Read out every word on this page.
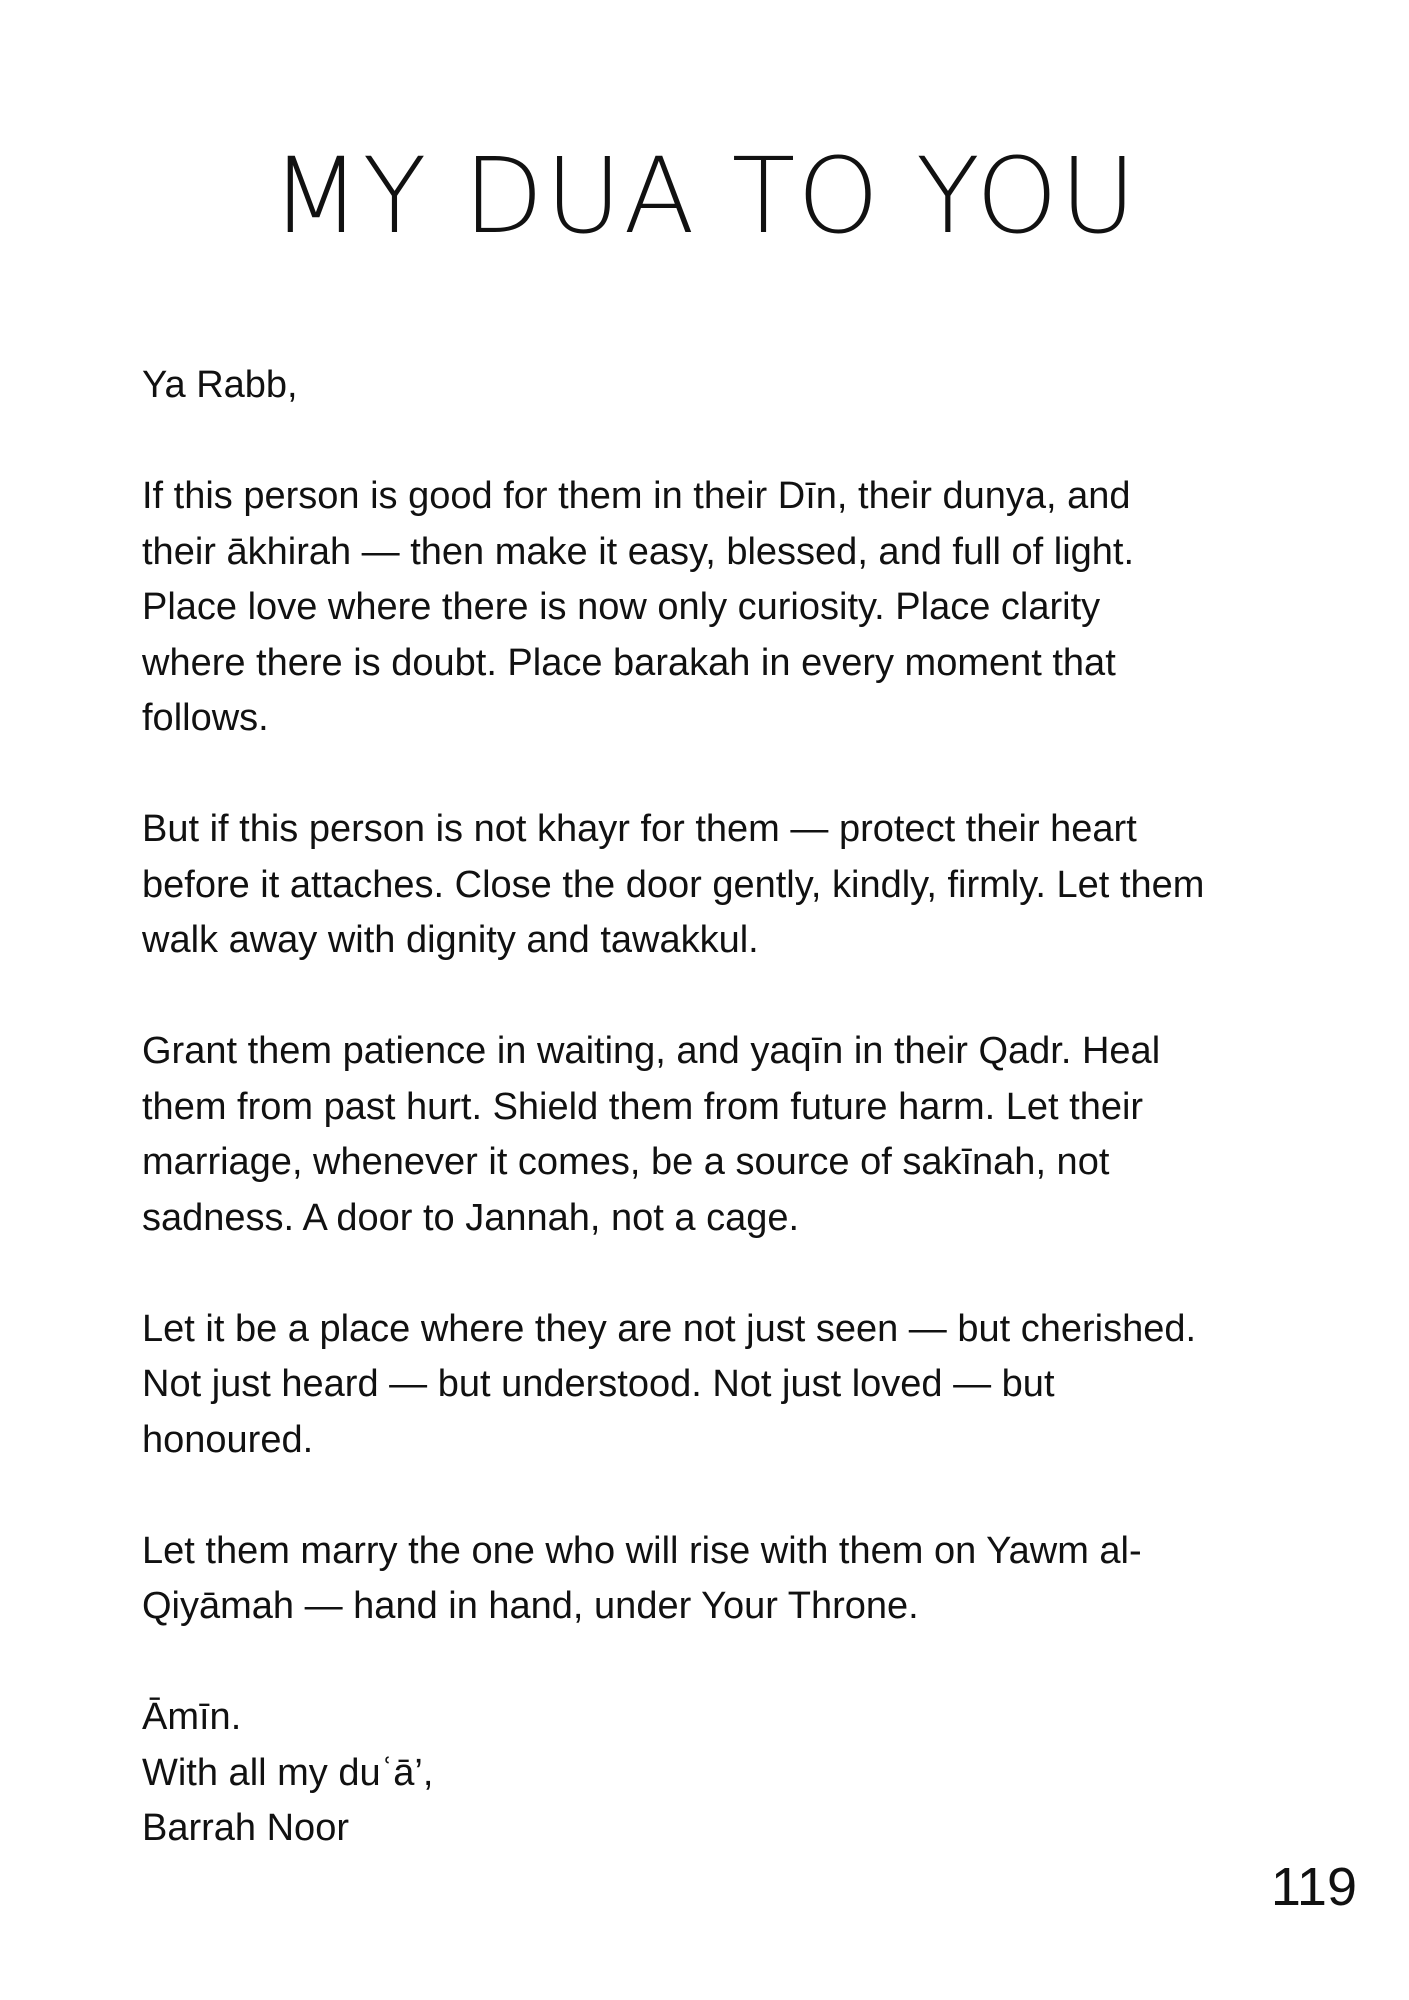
MY DUA TO YOU

Ya Rabb,

If this person is good for them in their Dīn, their dunya, and
their ākhirah — then make it easy, blessed, and full of light.
Place love where there is now only curiosity. Place clarity
where there is doubt. Place barakah in every moment that
follows.

But if this person is not khayr for them — protect their heart
before it attaches. Close the door gently, kindly, firmly. Let them
walk away with dignity and tawakkul.

Grant them patience in waiting, and yaqīn in their Qadr. Heal
them from past hurt. Shield them from future harm. Let their
marriage, whenever it comes, be a source of sakīnah, not
sadness. A door to Jannah, not a cage.

Let it be a place where they are not just seen — but cherished.
Not just heard — but understood. Not just loved — but
honoured.

Let them marry the one who will rise with them on Yawm al-
Qiyāmah — hand in hand, under Your Throne.

Āmīn.
With all my duʿā’,
Barrah Noor

119
